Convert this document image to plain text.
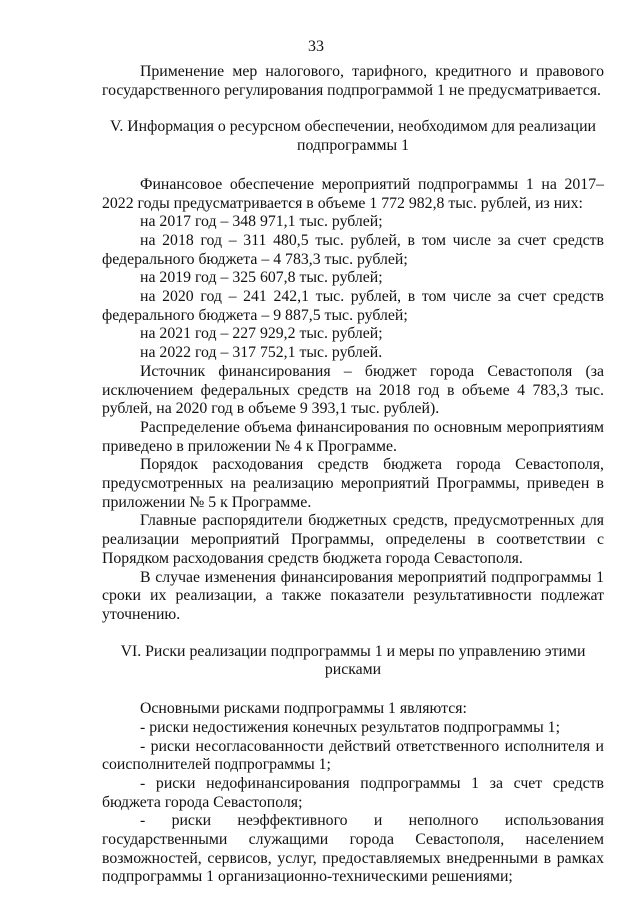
33

Применение мер налогового, тарифного, кредитного и правового государственного регулирования подпрограммой 1 не предусматривается.

V. Информация о ресурсном обеспечении, необходимом для реализации подпрограммы 1

Финансовое обеспечение мероприятий подпрограммы 1 на 2017–2022 годы предусматривается в объеме 1 772 982,8 тыс. рублей, из них:

на 2017 год – 348 971,1 тыс. рублей;

на 2018 год – 311 480,5 тыс. рублей, в том числе за счет средств федерального бюджета – 4 783,3 тыс. рублей;

на 2019 год – 325 607,8 тыс. рублей;

на 2020 год – 241 242,1 тыс. рублей, в том числе за счет средств федерального бюджета – 9 887,5 тыс. рублей;

на 2021 год – 227 929,2 тыс. рублей;

на 2022 год – 317 752,1 тыс. рублей.

Источник финансирования – бюджет города Севастополя (за исключением федеральных средств на 2018 год в объеме 4 783,3 тыс. рублей, на 2020 год в объеме 9 393,1 тыс. рублей).

Распределение объема финансирования по основным мероприятиям приведено в приложении № 4 к Программе.

Порядок расходования средств бюджета города Севастополя, предусмотренных на реализацию мероприятий Программы, приведен в приложении № 5 к Программе.

Главные распорядители бюджетных средств, предусмотренных для реализации мероприятий Программы, определены в соответствии с Порядком расходования средств бюджета города Севастополя.

В случае изменения финансирования мероприятий подпрограммы 1 сроки их реализации, а также показатели результативности подлежат уточнению.

VI. Риски реализации подпрограммы 1 и меры по управлению этими рисками

Основными рисками подпрограммы 1 являются:

- риски недостижения конечных результатов подпрограммы 1;

- риски несогласованности действий ответственного исполнителя и соисполнителей подпрограммы 1;

- риски недофинансирования подпрограммы 1 за счет средств бюджета города Севастополя;

- риски неэффективного и неполного использования государственными служащими города Севастополя, населением возможностей, сервисов, услуг, предоставляемых внедренными в рамках подпрограммы 1 организационно-техническими решениями;
